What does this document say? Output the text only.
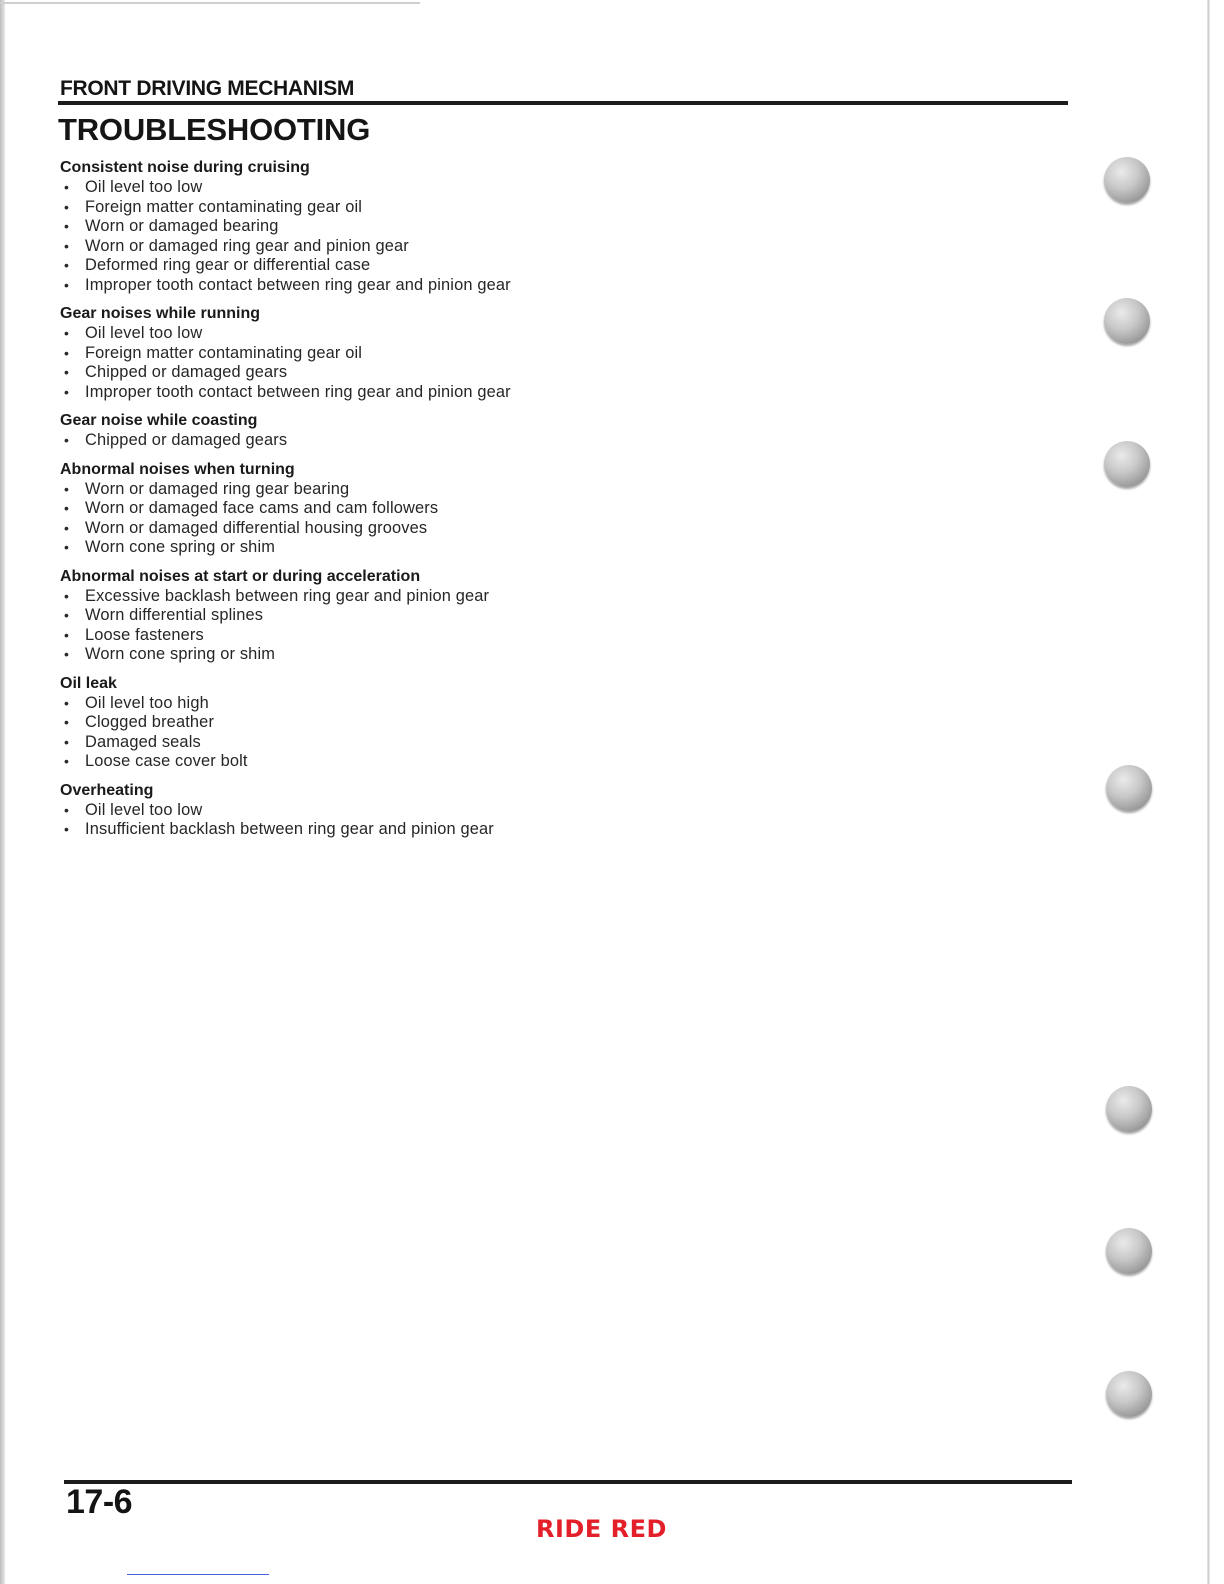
FRONT DRIVING MECHANISM
TROUBLESHOOTING
Consistent noise during cruising
• Oil level too low
• Foreign matter contaminating gear oil
• Worn or damaged bearing
• Worn or damaged ring gear and pinion gear
• Deformed ring gear or differential case
• Improper tooth contact between ring gear and pinion gear
Gear noises while running
• Oil level too low
• Foreign matter contaminating gear oil
• Chipped or damaged gears
• Improper tooth contact between ring gear and pinion gear
Gear noise while coasting
• Chipped or damaged gears
Abnormal noises when turning
• Worn or damaged ring gear bearing
• Worn or damaged face cams and cam followers
• Worn or damaged differential housing grooves
• Worn cone spring or shim
Abnormal noises at start or during acceleration
• Excessive backlash between ring gear and pinion gear
• Worn differential splines
• Loose fasteners
• Worn cone spring or shim
Oil leak
• Oil level too high
• Clogged breather
• Damaged seals
• Loose case cover bolt
Overheating
• Oil level too low
• Insufficient backlash between ring gear and pinion gear
17-6
RIDE RED
